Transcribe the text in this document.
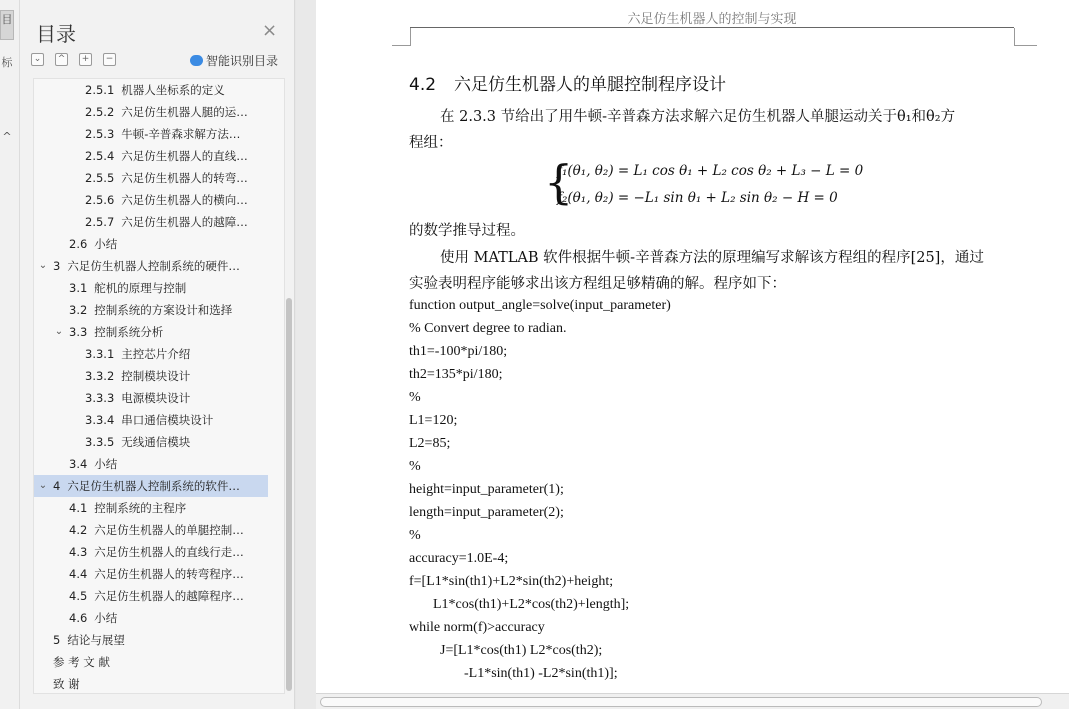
目
标
^
目录	×
⌄	^	+	−	智能识别目录
2.5.1 机器人坐标系的定义
2.5.2 六足仿生机器人腿的运…
2.5.3 牛顿-辛普森求解方法…
2.5.4 六足仿生机器人的直线…
2.5.5 六足仿生机器人的转弯…
2.5.6 六足仿生机器人的横向…
2.5.7 六足仿生机器人的越障…
2.6 小结
⌄ 3 六足仿生机器人控制系统的硬件…
3.1 舵机的原理与控制
3.2 控制系统的方案设计和选择
⌄ 3.3 控制系统分析
3.3.1 主控芯片介绍
3.3.2 控制模块设计
3.3.3 电源模块设计
3.3.4 串口通信模块设计
3.3.5 无线通信模块
3.4 小结
⌄ 4 六足仿生机器人控制系统的软件…
4.1 控制系统的主程序
4.2 六足仿生机器人的单腿控制…
4.3 六足仿生机器人的直线行走…
4.4 六足仿生机器人的转弯程序…
4.5 六足仿生机器人的越障程序…
4.6 小结
5 结论与展望
参 考 文 献
致 谢
六足仿生机器人的控制与实现
4.2 六足仿生机器人的单腿控制程序设计
在 2.3.3 节给出了用牛顿-辛普森方法求解六足仿生机器人单腿运动关于θ₁和θ₂方
程组：
{
f₁(θ₁, θ₂) = L₁ cos θ₁ + L₂ cos θ₂ + L₃ − L = 0
f₂(θ₁, θ₂) = −L₁ sin θ₁ + L₂ sin θ₂ − H = 0
的数学推导过程。
使用 MATLAB 软件根据牛顿-辛普森方法的原理编写求解该方程组的程序[25]，通过
实验表明程序能够求出该方程组足够精确的解。程序如下：
function output_angle=solve(input_parameter)
% Convert degree to radian.
th1=-100*pi/180;
th2=135*pi/180;
%
L1=120;
L2=85;
%
height=input_parameter(1);
length=input_parameter(2);
%
accuracy=1.0E-4;
f=[L1*sin(th1)+L2*sin(th2)+height;
L1*cos(th1)+L2*cos(th2)+length];
while norm(f)>accuracy
J=[L1*cos(th1) L2*cos(th2);
-L1*sin(th1) -L2*sin(th1)];
